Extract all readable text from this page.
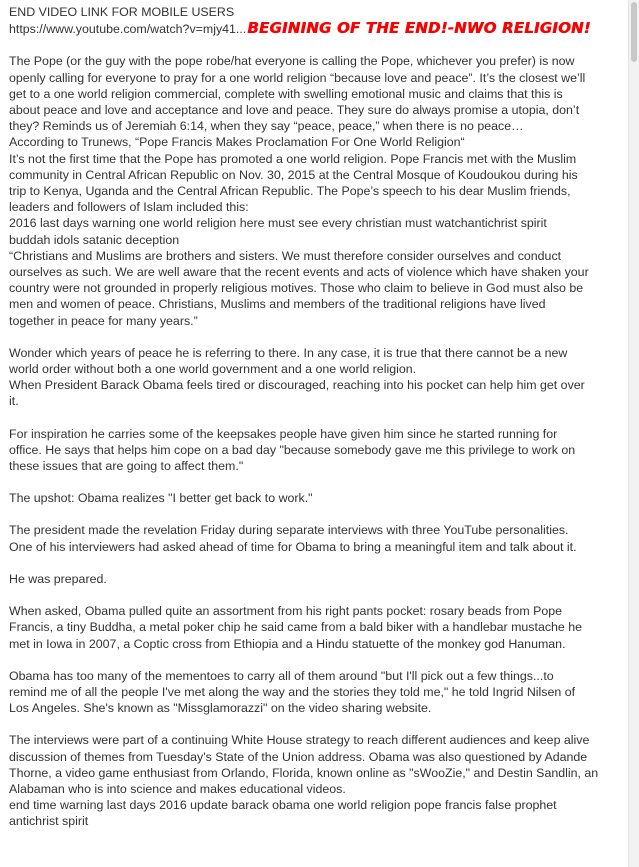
END VIDEO LINK FOR MOBILE USERS
https://www.youtube.com/watch?v=mjy41...BEGINING OF THE END!-NWO RELIGION!
The Pope (or the guy with the pope robe/hat everyone is calling the Pope, whichever you prefer) is now
openly calling for everyone to pray for a one world religion “because love and peace”. It’s the closest we’ll
get to a one world religion commercial, complete with swelling emotional music and claims that this is
about peace and love and acceptance and love and peace. They sure do always promise a utopia, don’t
they? Reminds us of Jeremiah 6:14, when they say “peace, peace,” when there is no peace…
According to Trunews, “Pope Francis Makes Proclamation For One World Religion“
It’s not the first time that the Pope has promoted a one world religion. Pope Francis met with the Muslim
community in Central African Republic on Nov. 30, 2015 at the Central Mosque of Koudoukou during his
trip to Kenya, Uganda and the Central African Republic. The Pope’s speech to his dear Muslim friends,
leaders and followers of Islam included this:
2016 last days warning one world religion here must see every christian must watchantichrist spirit
buddah idols satanic deception
“Christians and Muslims are brothers and sisters. We must therefore consider ourselves and conduct
ourselves as such. We are well aware that the recent events and acts of violence which have shaken your
country were not grounded in properly religious motives. Those who claim to believe in God must also be
men and women of peace. Christians, Muslims and members of the traditional religions have lived
together in peace for many years.”
Wonder which years of peace he is referring to there. In any case, it is true that there cannot be a new
world order without both a one world government and a one world religion.
When President Barack Obama feels tired or discouraged, reaching into his pocket can help him get over
it.
For inspiration he carries some of the keepsakes people have given him since he started running for
office. He says that helps him cope on a bad day "because somebody gave me this privilege to work on
these issues that are going to affect them."
The upshot: Obama realizes "I better get back to work."
The president made the revelation Friday during separate interviews with three YouTube personalities.
One of his interviewers had asked ahead of time for Obama to bring a meaningful item and talk about it.
He was prepared.
When asked, Obama pulled quite an assortment from his right pants pocket: rosary beads from Pope
Francis, a tiny Buddha, a metal poker chip he said came from a bald biker with a handlebar mustache he
met in Iowa in 2007, a Coptic cross from Ethiopia and a Hindu statuette of the monkey god Hanuman.
Obama has too many of the mementoes to carry all of them around "but I'll pick out a few things...to
remind me of all the people I've met along the way and the stories they told me," he told Ingrid Nilsen of
Los Angeles. She's known as "Missglamorazzi" on the video sharing website.
The interviews were part of a continuing White House strategy to reach different audiences and keep alive
discussion of themes from Tuesday's State of the Union address. Obama was also questioned by Adande
Thorne, a video game enthusiast from Orlando, Florida, known online as "sWooZie," and Destin Sandlin, an
Alabaman who is into science and makes educational videos.
end time warning last days 2016 update barack obama one world religion pope francis false prophet
antichrist spirit
